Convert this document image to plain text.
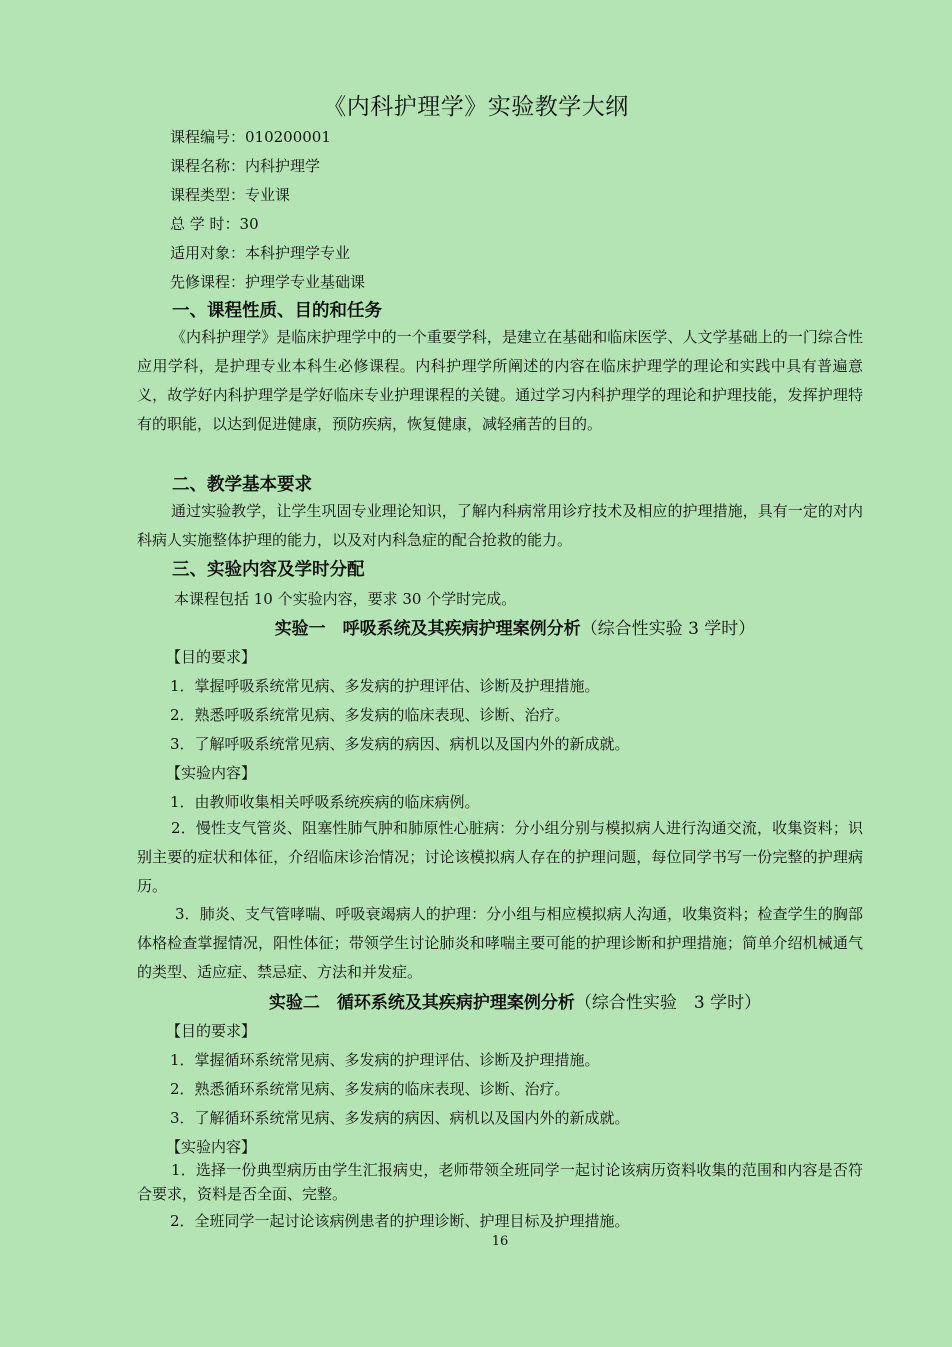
《内科护理学》实验教学大纲
课程编号：010200001
课程名称：内科护理学
课程类型：专业课
总 学 时：30
适用对象：本科护理学专业
先修课程：护理学专业基础课
一、课程性质、目的和任务
《内科护理学》是临床护理学中的一个重要学科，是建立在基础和临床医学、人文学基础上的一门综合性应用学科，是护理专业本科生必修课程。内科护理学所阐述的内容在临床护理学的理论和实践中具有普遍意义，故学好内科护理学是学好临床专业护理课程的关键。通过学习内科护理学的理论和护理技能，发挥护理特有的职能，以达到促进健康，预防疾病，恢复健康，减轻痛苦的目的。
二、教学基本要求
通过实验教学，让学生巩固专业理论知识，了解内科病常用诊疗技术及相应的护理措施，具有一定的对内科病人实施整体护理的能力，以及对内科急症的配合抢救的能力。
三、实验内容及学时分配
本课程包括 10 个实验内容，要求 30 个学时完成。
实验一　呼吸系统及其疾病护理案例分析（综合性实验 3 学时）
【目的要求】
1．掌握呼吸系统常见病、多发病的护理评估、诊断及护理措施。
2．熟悉呼吸系统常见病、多发病的临床表现、诊断、治疗。
3．了解呼吸系统常见病、多发病的病因、病机以及国内外的新成就。
【实验内容】
1．由教师收集相关呼吸系统疾病的临床病例。
2．慢性支气管炎、阻塞性肺气肿和肺原性心脏病：分小组分别与模拟病人进行沟通交流，收集资料；识别主要的症状和体征，介绍临床诊治情况；讨论该模拟病人存在的护理问题，每位同学书写一份完整的护理病历。
3．肺炎、支气管哮喘、呼吸衰竭病人的护理：分小组与相应模拟病人沟通，收集资料；检查学生的胸部体格检查掌握情况，阳性体征；带领学生讨论肺炎和哮喘主要可能的护理诊断和护理措施；简单介绍机械通气的类型、适应症、禁忌症、方法和并发症。
实验二　循环系统及其疾病护理案例分析（综合性实验　3 学时）
【目的要求】
1．掌握循环系统常见病、多发病的护理评估、诊断及护理措施。
2．熟悉循环系统常见病、多发病的临床表现、诊断、治疗。
3．了解循环系统常见病、多发病的病因、病机以及国内外的新成就。
【实验内容】
1．选择一份典型病历由学生汇报病史，老师带领全班同学一起讨论该病历资料收集的范围和内容是否符合要求，资料是否全面、完整。
2．全班同学一起讨论该病例患者的护理诊断、护理目标及护理措施。
16
